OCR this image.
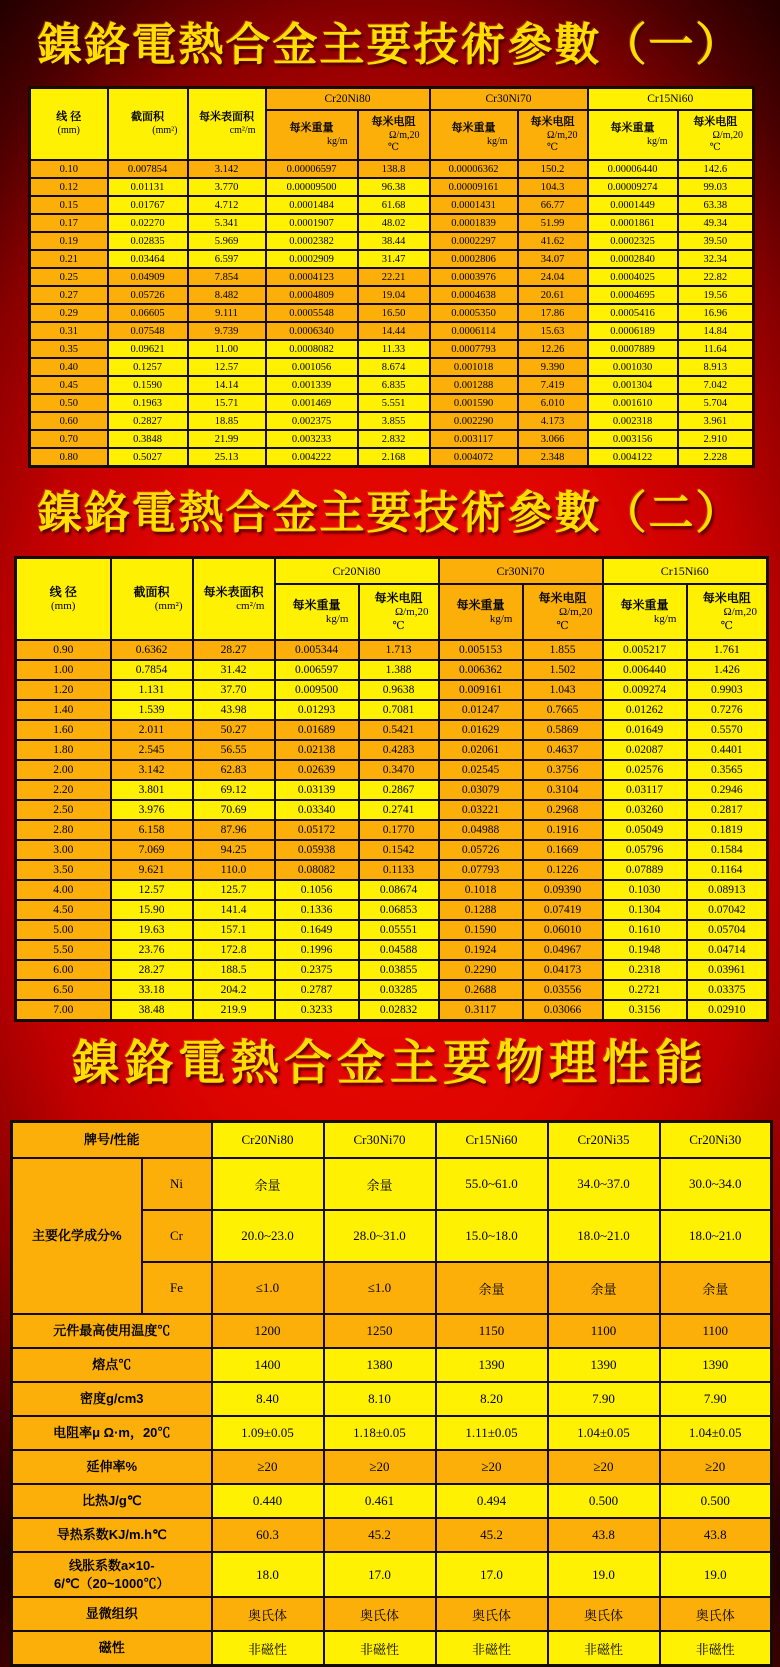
鎳鉻電熱合金主要技術參數（一）
线 径
(mm)

截面积
(mm²)

每米表面积
cm²/m
	Cr20Ni80	Cr30Ni70	Cr15Ni60

每米重量
kg/m

每米电阻
Ω/m,20
℃

每米重量
kg/m

每米电阻
Ω/m,20
℃

每米重量
kg/m

每米电阻
Ω/m,20
℃

0.10	0.007854	3.142	0.00006597	138.8	0.00006362	150.2	0.00006440	142.6
0.12	0.01131	3.770	0.00009500	96.38	0.00009161	104.3	0.00009274	99.03
0.15	0.01767	4.712	0.0001484	61.68	0.0001431	66.77	0.0001449	63.38
0.17	0.02270	5.341	0.0001907	48.02	0.0001839	51.99	0.0001861	49.34
0.19	0.02835	5.969	0.0002382	38.44	0.0002297	41.62	0.0002325	39.50
0.21	0.03464	6.597	0.0002909	31.47	0.0002806	34.07	0.0002840	32.34
0.25	0.04909	7.854	0.0004123	22.21	0.0003976	24.04	0.0004025	22.82
0.27	0.05726	8.482	0.0004809	19.04	0.0004638	20.61	0.0004695	19.56
0.29	0.06605	9.111	0.0005548	16.50	0.0005350	17.86	0.0005416	16.96
0.31	0.07548	9.739	0.0006340	14.44	0.0006114	15.63	0.0006189	14.84
0.35	0.09621	11.00	0.0008082	11.33	0.0007793	12.26	0.0007889	11.64
0.40	0.1257	12.57	0.001056	8.674	0.001018	9.390	0.001030	8.913
0.45	0.1590	14.14	0.001339	6.835	0.001288	7.419	0.001304	7.042
0.50	0.1963	15.71	0.001469	5.551	0.001590	6.010	0.001610	5.704
0.60	0.2827	18.85	0.002375	3.855	0.002290	4.173	0.002318	3.961
0.70	0.3848	21.99	0.003233	2.832	0.003117	3.066	0.003156	2.910
0.80	0.5027	25.13	0.004222	2.168	0.004072	2.348	0.004122	2.228
鎳鉻電熱合金主要技術參數（二）
线 径
(mm)

截面积
(mm²)

每米表面积
cm²/m
	Cr20Ni80	Cr30Ni70	Cr15Ni60

每米重量
kg/m

每米电阻
Ω/m,20
℃

每米重量
kg/m

每米电阻
Ω/m,20
℃

每米重量
kg/m

每米电阻
Ω/m,20
℃

0.90	0.6362	28.27	0.005344	1.713	0.005153	1.855	0.005217	1.761
1.00	0.7854	31.42	0.006597	1.388	0.006362	1.502	0.006440	1.426
1.20	1.131	37.70	0.009500	0.9638	0.009161	1.043	0.009274	0.9903
1.40	1.539	43.98	0.01293	0.7081	0.01247	0.7665	0.01262	0.7276
1.60	2.011	50.27	0.01689	0.5421	0.01629	0.5869	0.01649	0.5570
1.80	2.545	56.55	0.02138	0.4283	0.02061	0.4637	0.02087	0.4401
2.00	3.142	62.83	0.02639	0.3470	0.02545	0.3756	0.02576	0.3565
2.20	3.801	69.12	0.03139	0.2867	0.03079	0.3104	0.03117	0.2946
2.50	3.976	70.69	0.03340	0.2741	0.03221	0.2968	0.03260	0.2817
2.80	6.158	87.96	0.05172	0.1770	0.04988	0.1916	0.05049	0.1819
3.00	7.069	94.25	0.05938	0.1542	0.05726	0.1669	0.05796	0.1584
3.50	9.621	110.0	0.08082	0.1133	0.07793	0.1226	0.07889	0.1164
4.00	12.57	125.7	0.1056	0.08674	0.1018	0.09390	0.1030	0.08913
4.50	15.90	141.4	0.1336	0.06853	0.1288	0.07419	0.1304	0.07042
5.00	19.63	157.1	0.1649	0.05551	0.1590	0.06010	0.1610	0.05704
5.50	23.76	172.8	0.1996	0.04588	0.1924	0.04967	0.1948	0.04714
6.00	28.27	188.5	0.2375	0.03855	0.2290	0.04173	0.2318	0.03961
6.50	33.18	204.2	0.2787	0.03285	0.2688	0.03556	0.2721	0.03375
7.00	38.48	219.9	0.3233	0.02832	0.3117	0.03066	0.3156	0.02910
鎳鉻電熱合金主要物理性能
牌号/性能		Cr20Ni80	Cr30Ni70	Cr15Ni60	Cr20Ni35	Cr20Ni30
主要化学成分%	Ni	余量	余量	55.0~61.0	34.0~37.0	30.0~34.0
	Cr	20.0~23.0	28.0~31.0	15.0~18.0	18.0~21.0	18.0~21.0
	Fe	≤1.0	≤1.0	余量	余量	余量
元件最高使用温度℃		1200	1250	1150	1100	1100
熔点℃		1400	1380	1390	1390	1390
密度g/cm3		8.40	8.10	8.20	7.90	7.90
电阻率μ Ω·m，20℃		1.09±0.05	1.18±0.05	1.11±0.05	1.04±0.05	1.04±0.05
延伸率%		≥20	≥20	≥20	≥20	≥20
比热J/g℃		0.440	0.461	0.494	0.500	0.500
导热系数KJ/m.h℃		60.3	45.2	45.2	43.8	43.8
线胀系数a×10-6/℃（20~1000℃）		18.0	17.0	17.0	19.0	19.0
显微组织		奥氏体	奥氏体	奥氏体	奥氏体	奥氏体
磁性		非磁性	非磁性	非磁性	非磁性	非磁性
